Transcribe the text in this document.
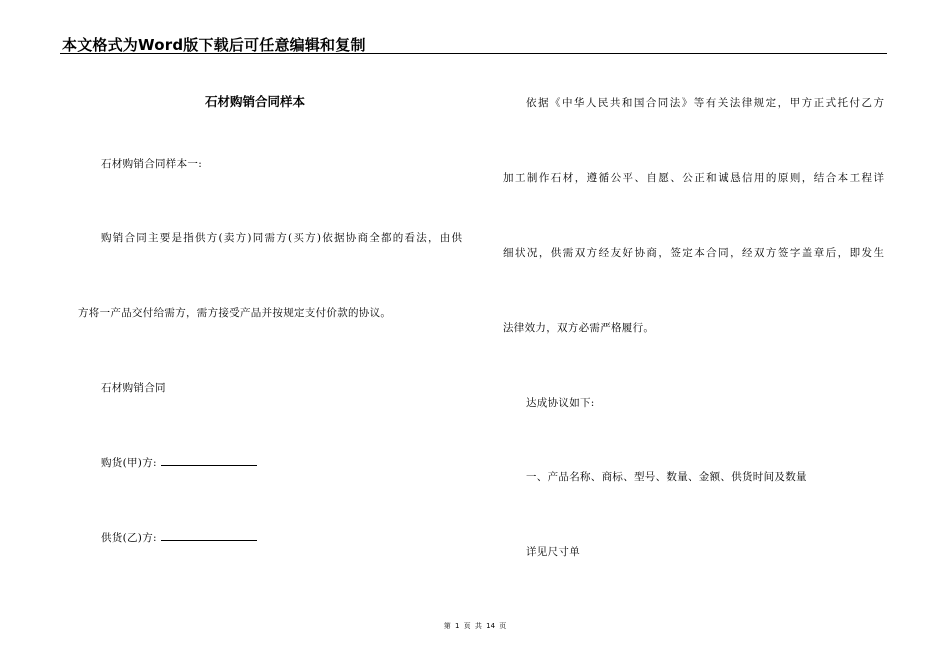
本文格式为Word版下载后可任意编辑和复制
石材购销合同样本
石材购销合同样本一:
购销合同主要是指供方(卖方)同需方(买方)依据协商全都的看法，由供
方将一产品交付给需方，需方接受产品并按规定支付价款的协议。
石材购销合同
购货(甲)方:
供货(乙)方:
依据《中华人民共和国合同法》等有关法律规定，甲方正式托付乙方
加工制作石材，遵循公平、自愿、公正和诚恳信用的原则，结合本工程详
细状况，供需双方经友好协商，签定本合同，经双方签字盖章后，即发生
法律效力，双方必需严格履行。
达成协议如下:
一、产品名称、商标、型号、数量、金额、供货时间及数量
详见尺寸单
第 1 页 共 14 页
